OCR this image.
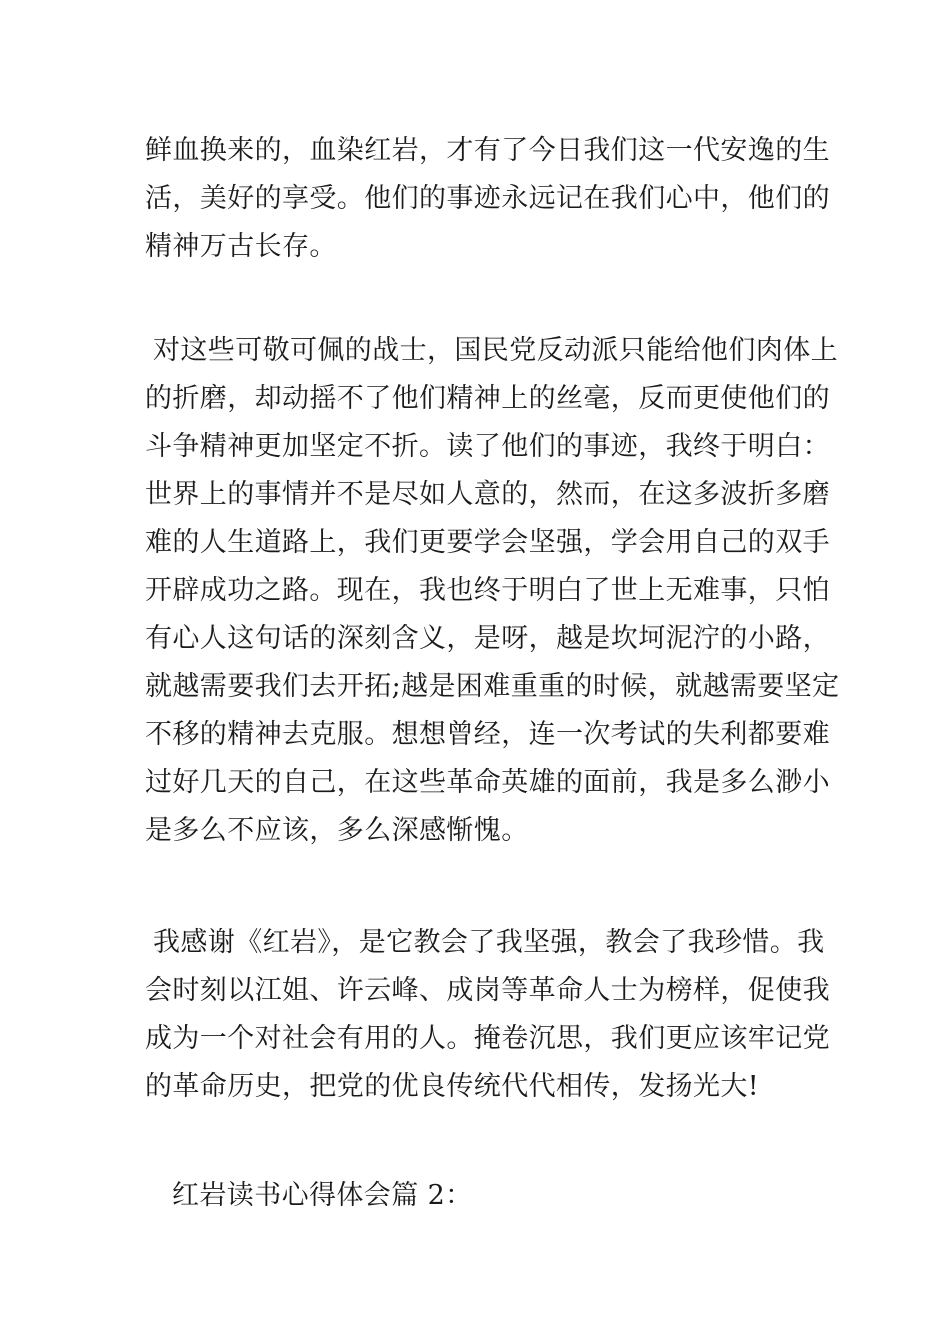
鲜血换来的，血染红岩，才有了今日我们这一代安逸的生
活，美好的享受。他们的事迹永远记在我们心中，他们的
精神万古长存。
对这些可敬可佩的战士，国民党反动派只能给他们肉体上
的折磨，却动摇不了他们精神上的丝毫，反而更使他们的
斗争精神更加坚定不折。读了他们的事迹，我终于明白：
世界上的事情并不是尽如人意的，然而，在这多波折多磨
难的人生道路上，我们更要学会坚强，学会用自己的双手
开辟成功之路。现在，我也终于明白了世上无难事，只怕
有心人这句话的深刻含义，是呀，越是坎坷泥泞的小路，
就越需要我们去开拓;越是困难重重的时候，就越需要坚定
不移的精神去克服。想想曾经，连一次考试的失利都要难
过好几天的自己，在这些革命英雄的面前，我是多么渺小
是多么不应该，多么深感惭愧。
我感谢《红岩》，是它教会了我坚强，教会了我珍惜。我
会时刻以江姐、许云峰、成岗等革命人士为榜样，促使我
成为一个对社会有用的人。掩卷沉思，我们更应该牢记党
的革命历史，把党的优良传统代代相传，发扬光大!
红岩读书心得体会篇 2：
